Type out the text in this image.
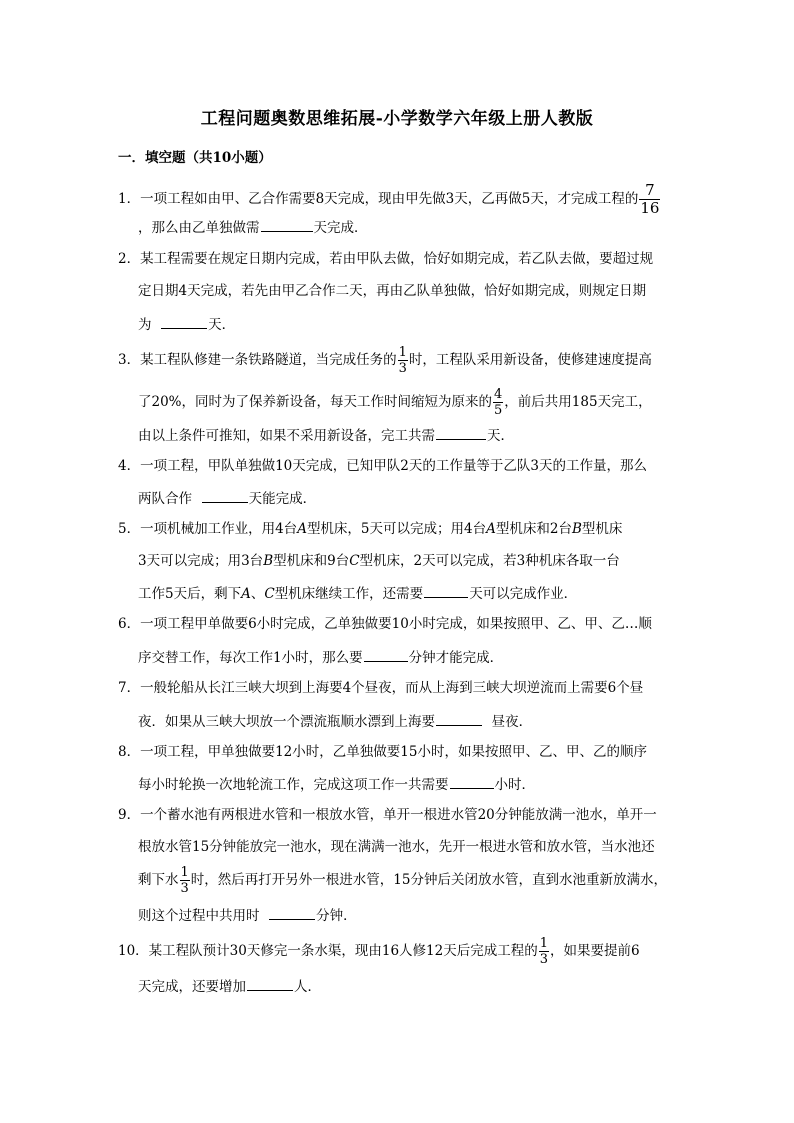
工程问题奥数思维拓展-小学数学六年级上册人教版
一．填空题（共10小题）
1．一项工程如由甲、乙合作需要8天完成，现由甲先做3天，乙再做5天，才完成工程的 $\frac{7}{16}$
，那么由乙单独做需	天完成．
2．某工程需要在规定日期内完成，若由甲队去做，恰好如期完成，若乙队去做，要超过规
定日期4天完成，若先由甲乙合作二天，再由乙队单独做，恰好如期完成，则规定日期
为	天．
3．某工程队修建一条铁路隧道，当完成任务的 $\frac{1}{3}$ 时，工程队采用新设备，使修建速度提高
了20%，同时为了保养新设备，每天工作时间缩短为原来的 $\frac{4}{5}$ ，前后共用185天完工，
由以上条件可推知，如果不采用新设备，完工共需	天．
4．一项工程，甲队单独做10天完成，已知甲队2天的工作量等于乙队3天的工作量，那么
两队合作	天能完成．
5．一项机械加工作业，用4台A型机床，5天可以完成；用4台A型机床和2台B型机床
3天可以完成；用3台B型机床和9台C型机床，2天可以完成，若3种机床各取一台
工作5天后，剩下A、C型机床继续工作，还需要	天可以完成作业．
6．一项工程甲单做要6小时完成，乙单独做要10小时完成，如果按照甲、乙、甲、乙…顺
序交替工作，每次工作1小时，那么要	分钟才能完成．
7．一般轮船从长江三峡大坝到上海要4个昼夜，而从上海到三峡大坝逆流而上需要6个昼
夜．如果从三峡大坝放一个漂流瓶顺水漂到上海要	昼夜．
8．一项工程，甲单独做要12小时，乙单独做要15小时，如果按照甲、乙、甲、乙的顺序
每小时轮换一次地轮流工作，完成这项工作一共需要	小时．
9．一个蓄水池有两根进水管和一根放水管，单开一根进水管20分钟能放满一池水，单开一
根放水管15分钟能放完一池水，现在满满一池水，先开一根进水管和放水管，当水池还
剩下水 $\frac{1}{3}$ 时，然后再打开另外一根进水管，15分钟后关闭放水管，直到水池重新放满水，
则这个过程中共用时	分钟．
10．某工程队预计30天修完一条水渠，现由16人修12天后完成工程的 $\frac{1}{3}$ ，如果要提前6
天完成，还要增加	人．
